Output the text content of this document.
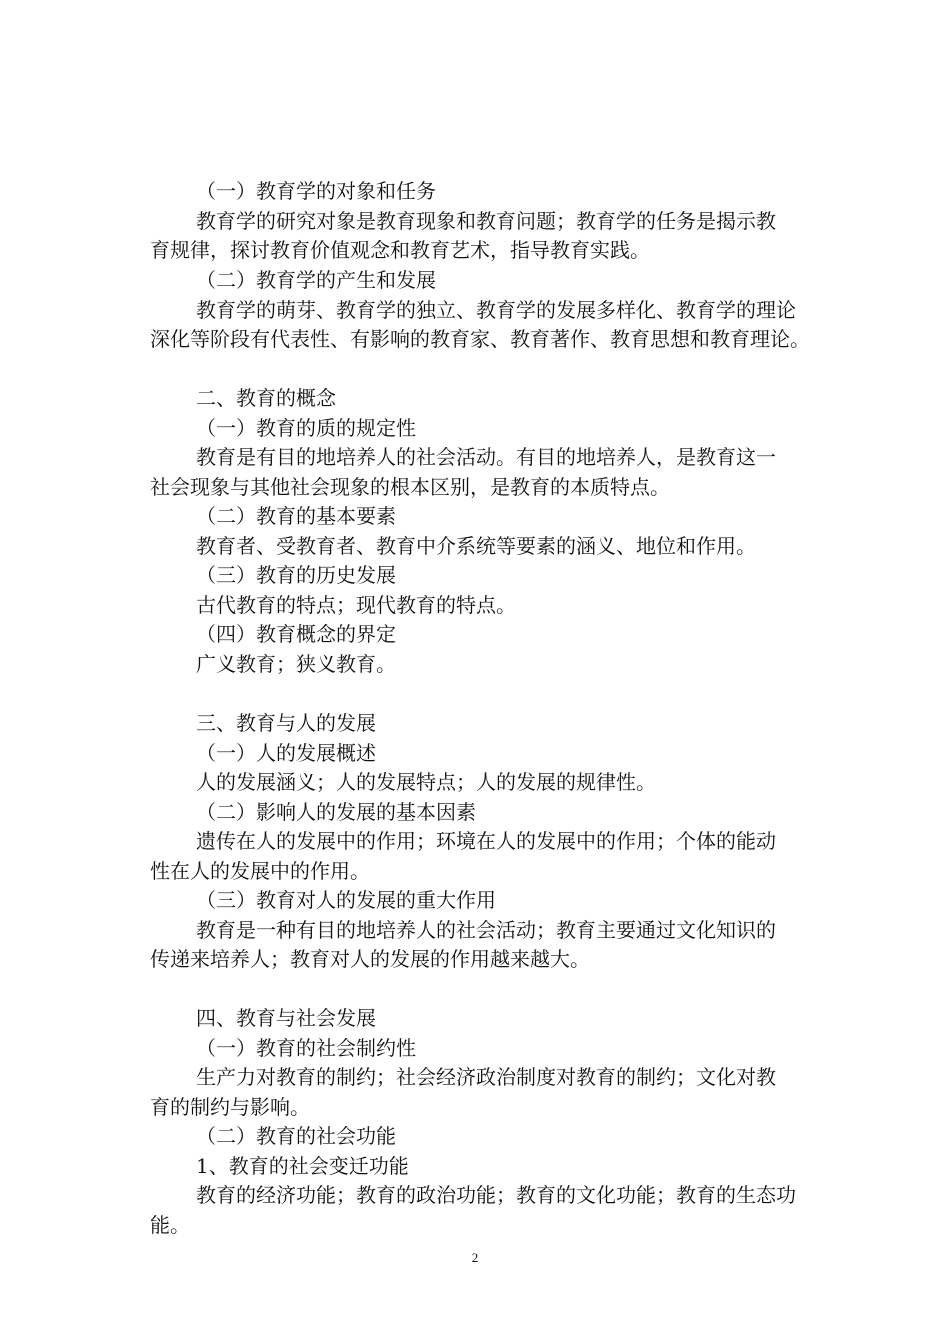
（一）教育学的对象和任务
教育学的研究对象是教育现象和教育问题；教育学的任务是揭示教
育规律，探讨教育价值观念和教育艺术，指导教育实践。
（二）教育学的产生和发展
教育学的萌芽、教育学的独立、教育学的发展多样化、教育学的理论
深化等阶段有代表性、有影响的教育家、教育著作、教育思想和教育理论。
二、教育的概念
（一）教育的质的规定性
教育是有目的地培养人的社会活动。有目的地培养人，是教育这一
社会现象与其他社会现象的根本区别，是教育的本质特点。
（二）教育的基本要素
教育者、受教育者、教育中介系统等要素的涵义、地位和作用。
（三）教育的历史发展
古代教育的特点；现代教育的特点。
（四）教育概念的界定
广义教育；狭义教育。
三、教育与人的发展
（一）人的发展概述
人的发展涵义；人的发展特点；人的发展的规律性。
（二）影响人的发展的基本因素
遗传在人的发展中的作用；环境在人的发展中的作用；个体的能动
性在人的发展中的作用。
（三）教育对人的发展的重大作用
教育是一种有目的地培养人的社会活动；教育主要通过文化知识的
传递来培养人；教育对人的发展的作用越来越大。
四、教育与社会发展
（一）教育的社会制约性
生产力对教育的制约；社会经济政治制度对教育的制约；文化对教
育的制约与影响。
（二）教育的社会功能
1、教育的社会变迁功能
教育的经济功能；教育的政治功能；教育的文化功能；教育的生态功
能。
2
